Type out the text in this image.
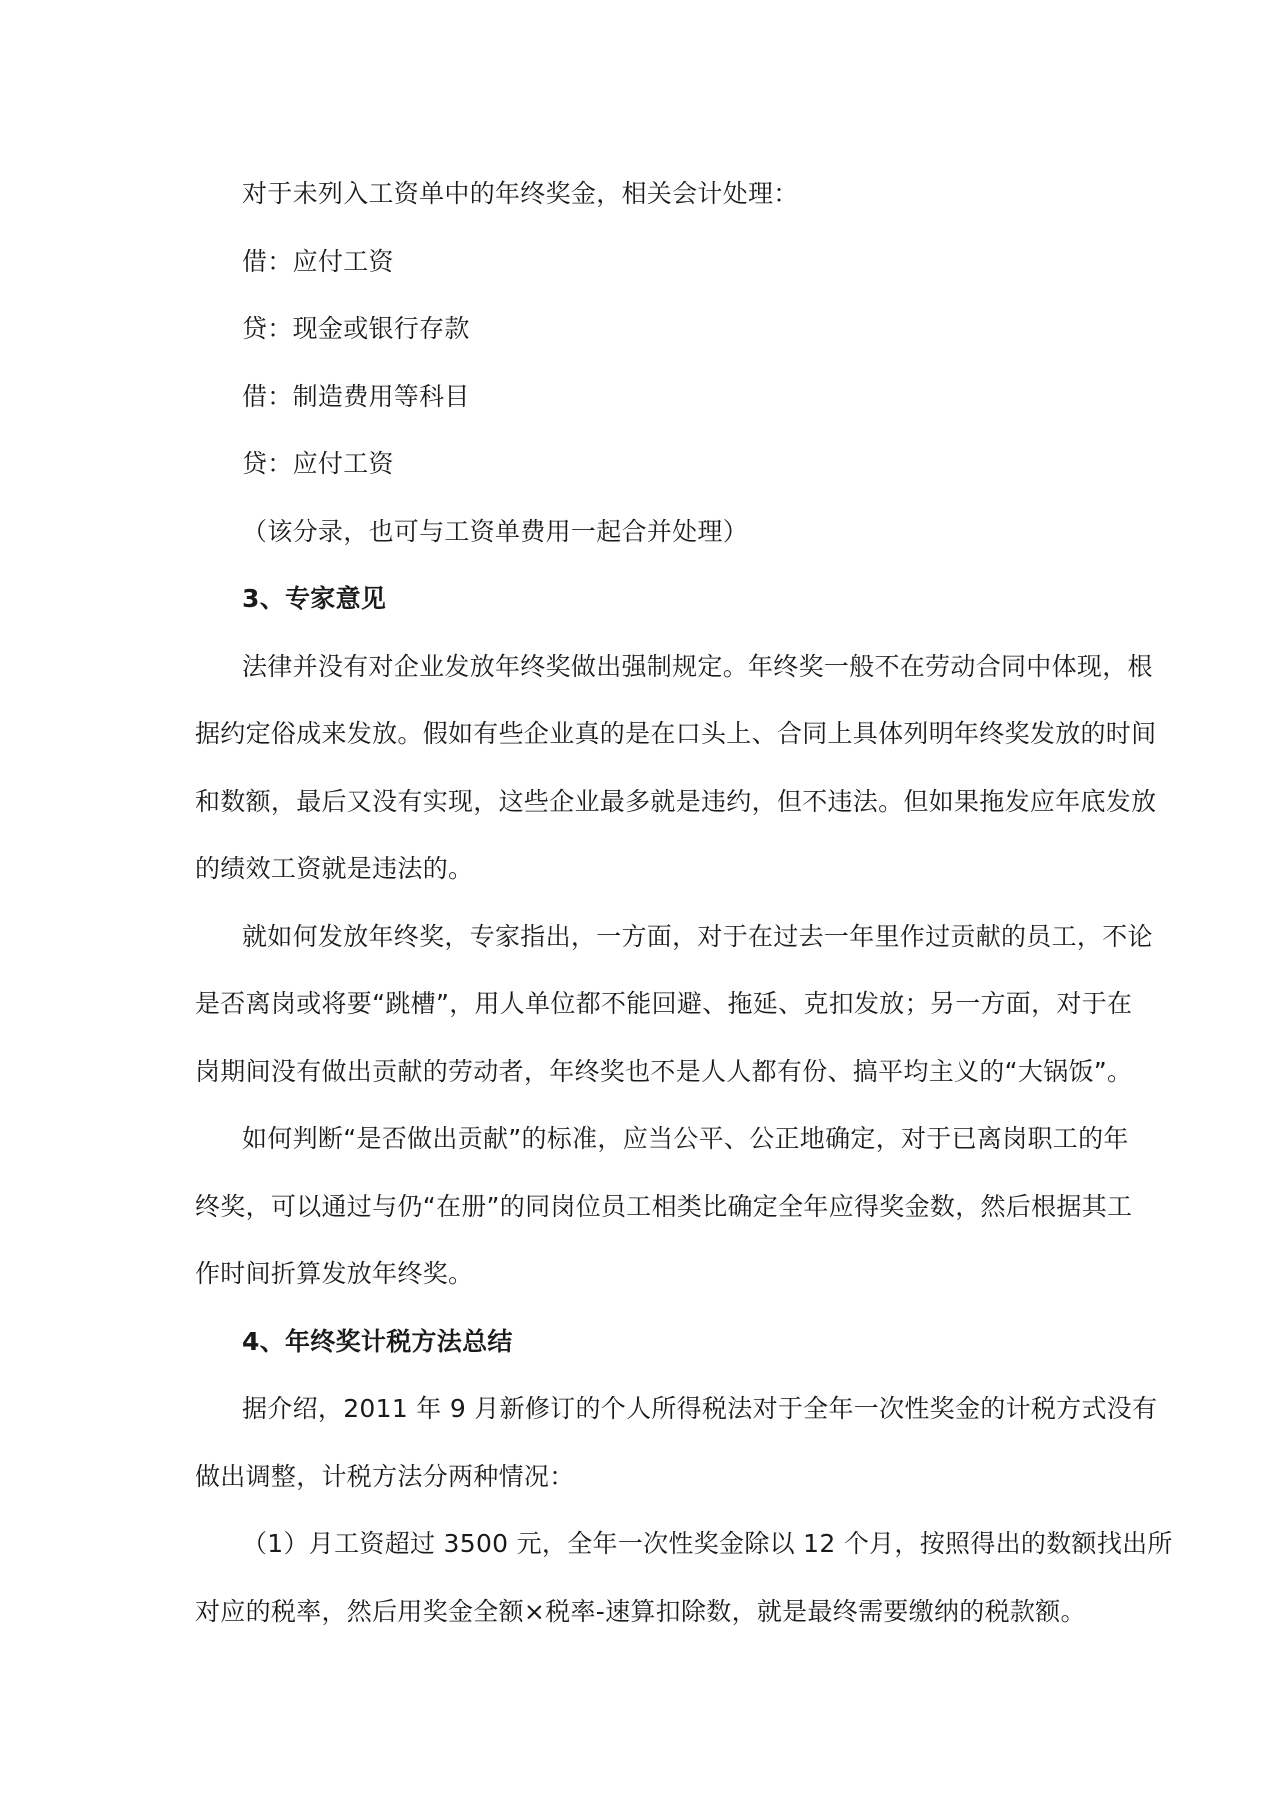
对于未列入工资单中的年终奖金，相关会计处理：
借：应付工资
贷：现金或银行存款
借：制造费用等科目
贷：应付工资
（该分录，也可与工资单费用一起合并处理）
3、专家意见
法律并没有对企业发放年终奖做出强制规定。年终奖一般不在劳动合同中体现，根
据约定俗成来发放。假如有些企业真的是在口头上、合同上具体列明年终奖发放的时间
和数额，最后又没有实现，这些企业最多就是违约，但不违法。但如果拖发应年底发放
的绩效工资就是违法的。
就如何发放年终奖，专家指出，一方面，对于在过去一年里作过贡献的员工，不论
是否离岗或将要“跳槽”，用人单位都不能回避、拖延、克扣发放；另一方面，对于在
岗期间没有做出贡献的劳动者，年终奖也不是人人都有份、搞平均主义的“大锅饭”。
如何判断“是否做出贡献”的标准，应当公平、公正地确定，对于已离岗职工的年
终奖，可以通过与仍“在册”的同岗位员工相类比确定全年应得奖金数，然后根据其工
作时间折算发放年终奖。
4、年终奖计税方法总结
据介绍，2011 年 9 月新修订的个人所得税法对于全年一次性奖金的计税方式没有
做出调整，计税方法分两种情况：
（1）月工资超过 3500 元，全年一次性奖金除以 12 个月，按照得出的数额找出所
对应的税率，然后用奖金全额×税率-速算扣除数，就是最终需要缴纳的税款额。
